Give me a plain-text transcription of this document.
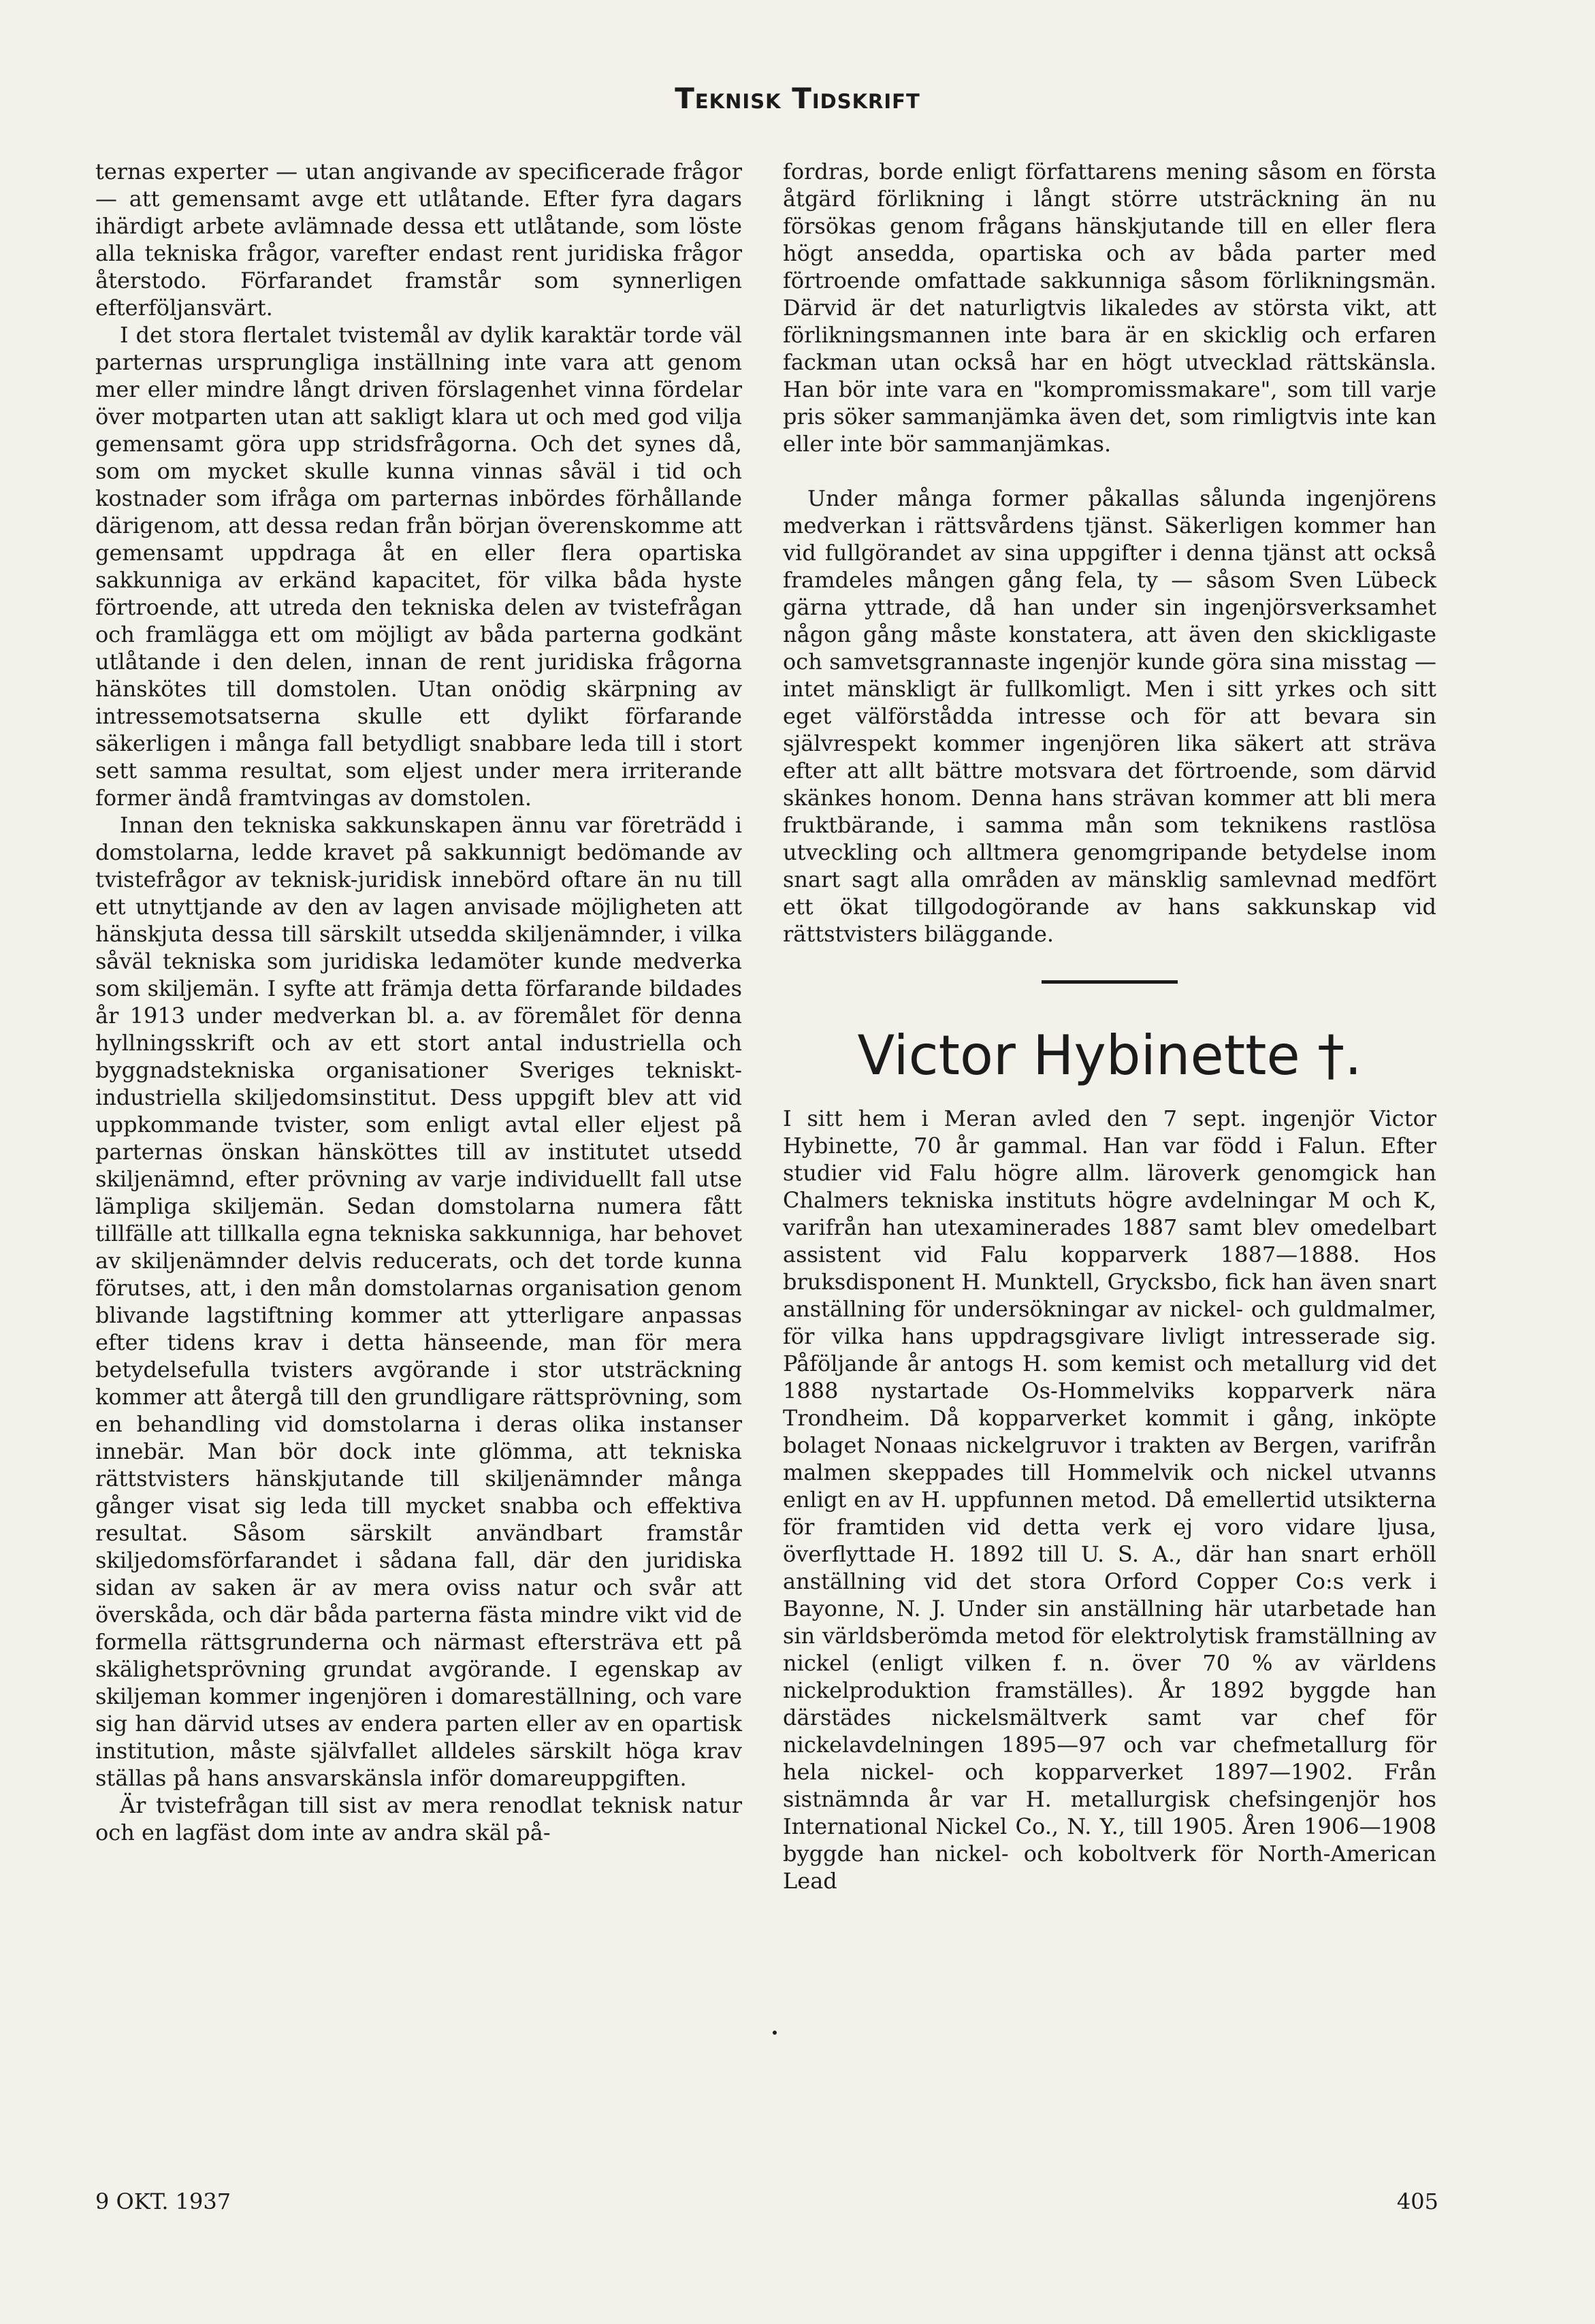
Teknisk Tidskrift

ternas experter — utan angivande av specificerade frågor — att gemensamt avge ett utlåtande. Efter fyra dagars ihärdigt arbete avlämnade dessa ett utlåtande, som löste alla tekniska frågor, varefter endast rent juridiska frågor återstodo. Förfarandet framstår som synnerligen efterföljansvärt.

I det stora flertalet tvistemål av dylik karaktär torde väl parternas ursprungliga inställning inte vara att genom mer eller mindre långt driven förslagenhet vinna fördelar över motparten utan att sakligt klara ut och med god vilja gemensamt göra upp stridsfrågorna. Och det synes då, som om mycket skulle kunna vinnas såväl i tid och kostnader som ifråga om parternas inbördes förhållande därigenom, att dessa redan från början överenskomme att gemensamt uppdraga åt en eller flera opartiska sakkunniga av erkänd kapacitet, för vilka båda hyste förtroende, att utreda den tekniska delen av tvistefrågan och framlägga ett om möjligt av båda parterna godkänt utlåtande i den delen, innan de rent juridiska frågorna hänskötes till domstolen. Utan onödig skärpning av intressemotsatserna skulle ett dylikt förfarande säkerligen i många fall betydligt snabbare leda till i stort sett samma resultat, som eljest under mera irriterande former ändå framtvingas av domstolen.

Innan den tekniska sakkunskapen ännu var företrädd i domstolarna, ledde kravet på sakkunnigt bedömande av tvistefrågor av teknisk-juridisk innebörd oftare än nu till ett utnyttjande av den av lagen anvisade möjligheten att hänskjuta dessa till särskilt utsedda skiljenämnder, i vilka såväl tekniska som juridiska ledamöter kunde medverka som skiljemän. I syfte att främja detta förfarande bildades år 1913 under medverkan bl. a. av föremålet för denna hyllningsskrift och av ett stort antal industriella och byggnadstekniska organisationer Sveriges tekniskt-industriella skiljedomsinstitut. Dess uppgift blev att vid uppkommande tvister, som enligt avtal eller eljest på parternas önskan hänsköttes till av institutet utsedd skiljenämnd, efter prövning av varje individuellt fall utse lämpliga skiljemän. Sedan domstolarna numera fått tillfälle att tillkalla egna tekniska sakkunniga, har behovet av skiljenämnder delvis reducerats, och det torde kunna förutses, att, i den mån domstolarnas organisation genom blivande lagstiftning kommer att ytterligare anpassas efter tidens krav i detta hänseende, man för mera betydelsefulla tvisters avgörande i stor utsträckning kommer att återgå till den grundligare rättsprövning, som en behandling vid domstolarna i deras olika instanser innebär. Man bör dock inte glömma, att tekniska rättstvisters hänskjutande till skiljenämnder många gånger visat sig leda till mycket snabba och effektiva resultat. Såsom särskilt användbart framstår skiljedomsförfarandet i sådana fall, där den juridiska sidan av saken är av mera oviss natur och svår att överskåda, och där båda parterna fästa mindre vikt vid de formella rättsgrunderna och närmast eftersträva ett på skälighetsprövning grundat avgörande. I egenskap av skiljeman kommer ingenjören i domareställning, och vare sig han därvid utses av endera parten eller av en opartisk institution, måste självfallet alldeles särskilt höga krav ställas på hans ansvarskänsla inför domareuppgiften.

Är tvistefrågan till sist av mera renodlat teknisk natur och en lagfäst dom inte av andra skäl på-

fordras, borde enligt författarens mening såsom en första åtgärd förlikning i långt större utsträckning än nu försökas genom frågans hänskjutande till en eller flera högt ansedda, opartiska och av båda parter med förtroende omfattade sakkunniga såsom förlikningsmän. Därvid är det naturligtvis likaledes av största vikt, att förlikningsmannen inte bara är en skicklig och erfaren fackman utan också har en högt utvecklad rättskänsla. Han bör inte vara en "kompromissmakare", som till varje pris söker sammanjämka även det, som rimligtvis inte kan eller inte bör sammanjämkas.

Under många former påkallas sålunda ingenjörens medverkan i rättsvårdens tjänst. Säkerligen kommer han vid fullgörandet av sina uppgifter i denna tjänst att också framdeles mången gång fela, ty — såsom Sven Lübeck gärna yttrade, då han under sin ingenjörsverksamhet någon gång måste konstatera, att även den skickligaste och samvetsgrannaste ingenjör kunde göra sina misstag — intet mänskligt är fullkomligt. Men i sitt yrkes och sitt eget välförstådda intresse och för att bevara sin självrespekt kommer ingenjören lika säkert att sträva efter att allt bättre motsvara det förtroende, som därvid skänkes honom. Denna hans strävan kommer att bli mera fruktbärande, i samma mån som teknikens rastlösa utveckling och alltmera genomgripande betydelse inom snart sagt alla områden av mänsklig samlevnad medfört ett ökat tillgodogörande av hans sakkunskap vid rättstvisters biläggande.

Victor Hybinette †.

I sitt hem i Meran avled den 7 sept. ingenjör Victor Hybinette, 70 år gammal. Han var född i Falun. Efter studier vid Falu högre allm. läroverk genomgick han Chalmers tekniska instituts högre avdelningar M och K, varifrån han utexaminerades 1887 samt blev omedelbart assistent vid Falu kopparverk 1887—1888. Hos bruksdisponent H. Munktell, Grycksbo, fick han även snart anställning för undersökningar av nickel- och guldmalmer, för vilka hans uppdragsgivare livligt intresserade sig. Påföljande år antogs H. som kemist och metallurg vid det 1888 nystartade Os-Hommelviks kopparverk nära Trondheim. Då kopparverket kommit i gång, inköpte bolaget Nonaas nickelgruvor i trakten av Bergen, varifrån malmen skeppades till Hommelvik och nickel utvanns enligt en av H. uppfunnen metod. Då emellertid utsikterna för framtiden vid detta verk ej voro vidare ljusa, överflyttade H. 1892 till U. S. A., där han snart erhöll anställning vid det stora Orford Copper Co:s verk i Bayonne, N. J. Under sin anställning här utarbetade han sin världsberömda metod för elektrolytisk framställning av nickel (enligt vilken f. n. över 70 % av världens nickelproduktion framställes). År 1892 byggde han därstädes nickelsmältverk samt var chef för nickelavdelningen 1895—97 och var chefmetallurg för hela nickel- och kopparverket 1897—1902. Från sistnämnda år var H. metallurgisk chefsingenjör hos International Nickel Co., N. Y., till 1905. Åren 1906—1908 byggde han nickel- och koboltverk för North-American Lead

9 OKT. 1937	405
